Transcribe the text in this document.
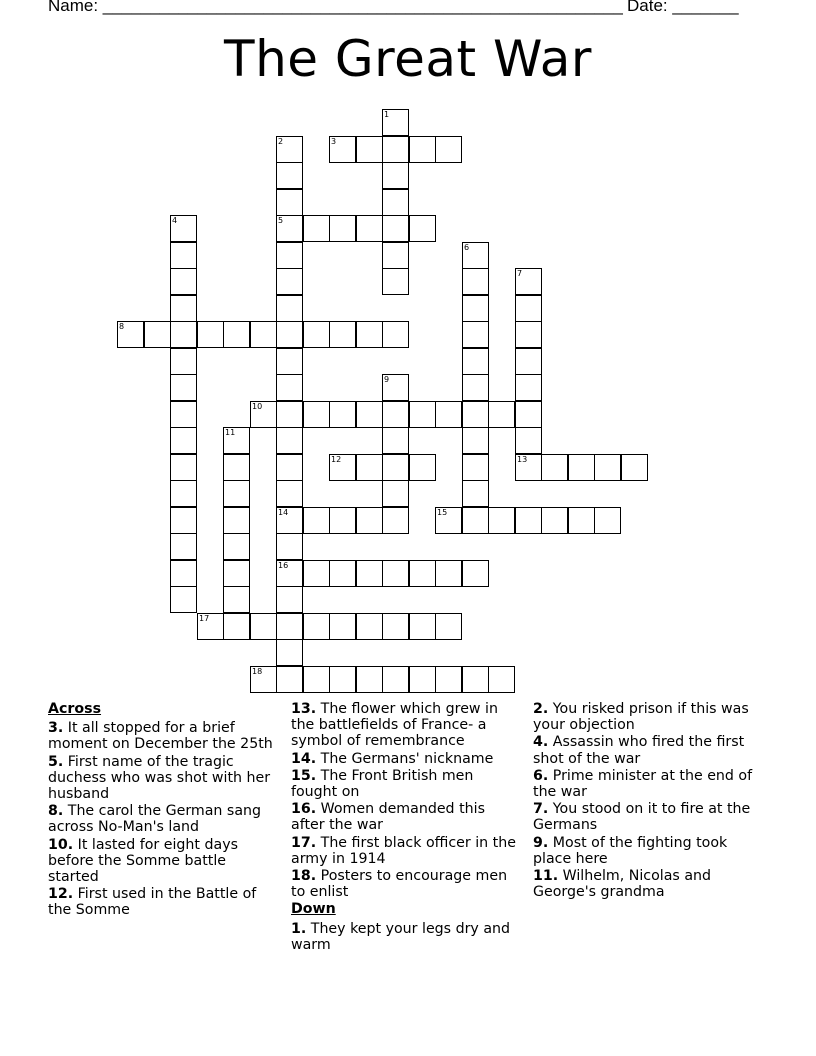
Name: _______________________________________________________ Date: _______
The Great War
1
2
5
14
16
3
4
6
7
8
9
10
11
12	13
15
17
18
Across
3. It all stopped for a brief moment on December the 25th
5. First name of the tragic duchess who was shot with her husband
8. The carol the German sang across No-Man's land
10. It lasted for eight days before the Somme battle started
12. First used in the Battle of the Somme
13. The flower which grew in the battlefields of France- a symbol of remembrance
14. The Germans' nickname
15. The Front British men fought on
16. Women demanded this after the war
17. The first black officer in the army in 1914
18. Posters to encourage men to enlist
Down
1. They kept your legs dry and warm
2. You risked prison if this was your objection
4. Assassin who fired the first shot of the war
6. Prime minister at the end of the war
7. You stood on it to fire at the Germans
9. Most of the fighting took place here
11. Wilhelm, Nicolas and George's grandma
